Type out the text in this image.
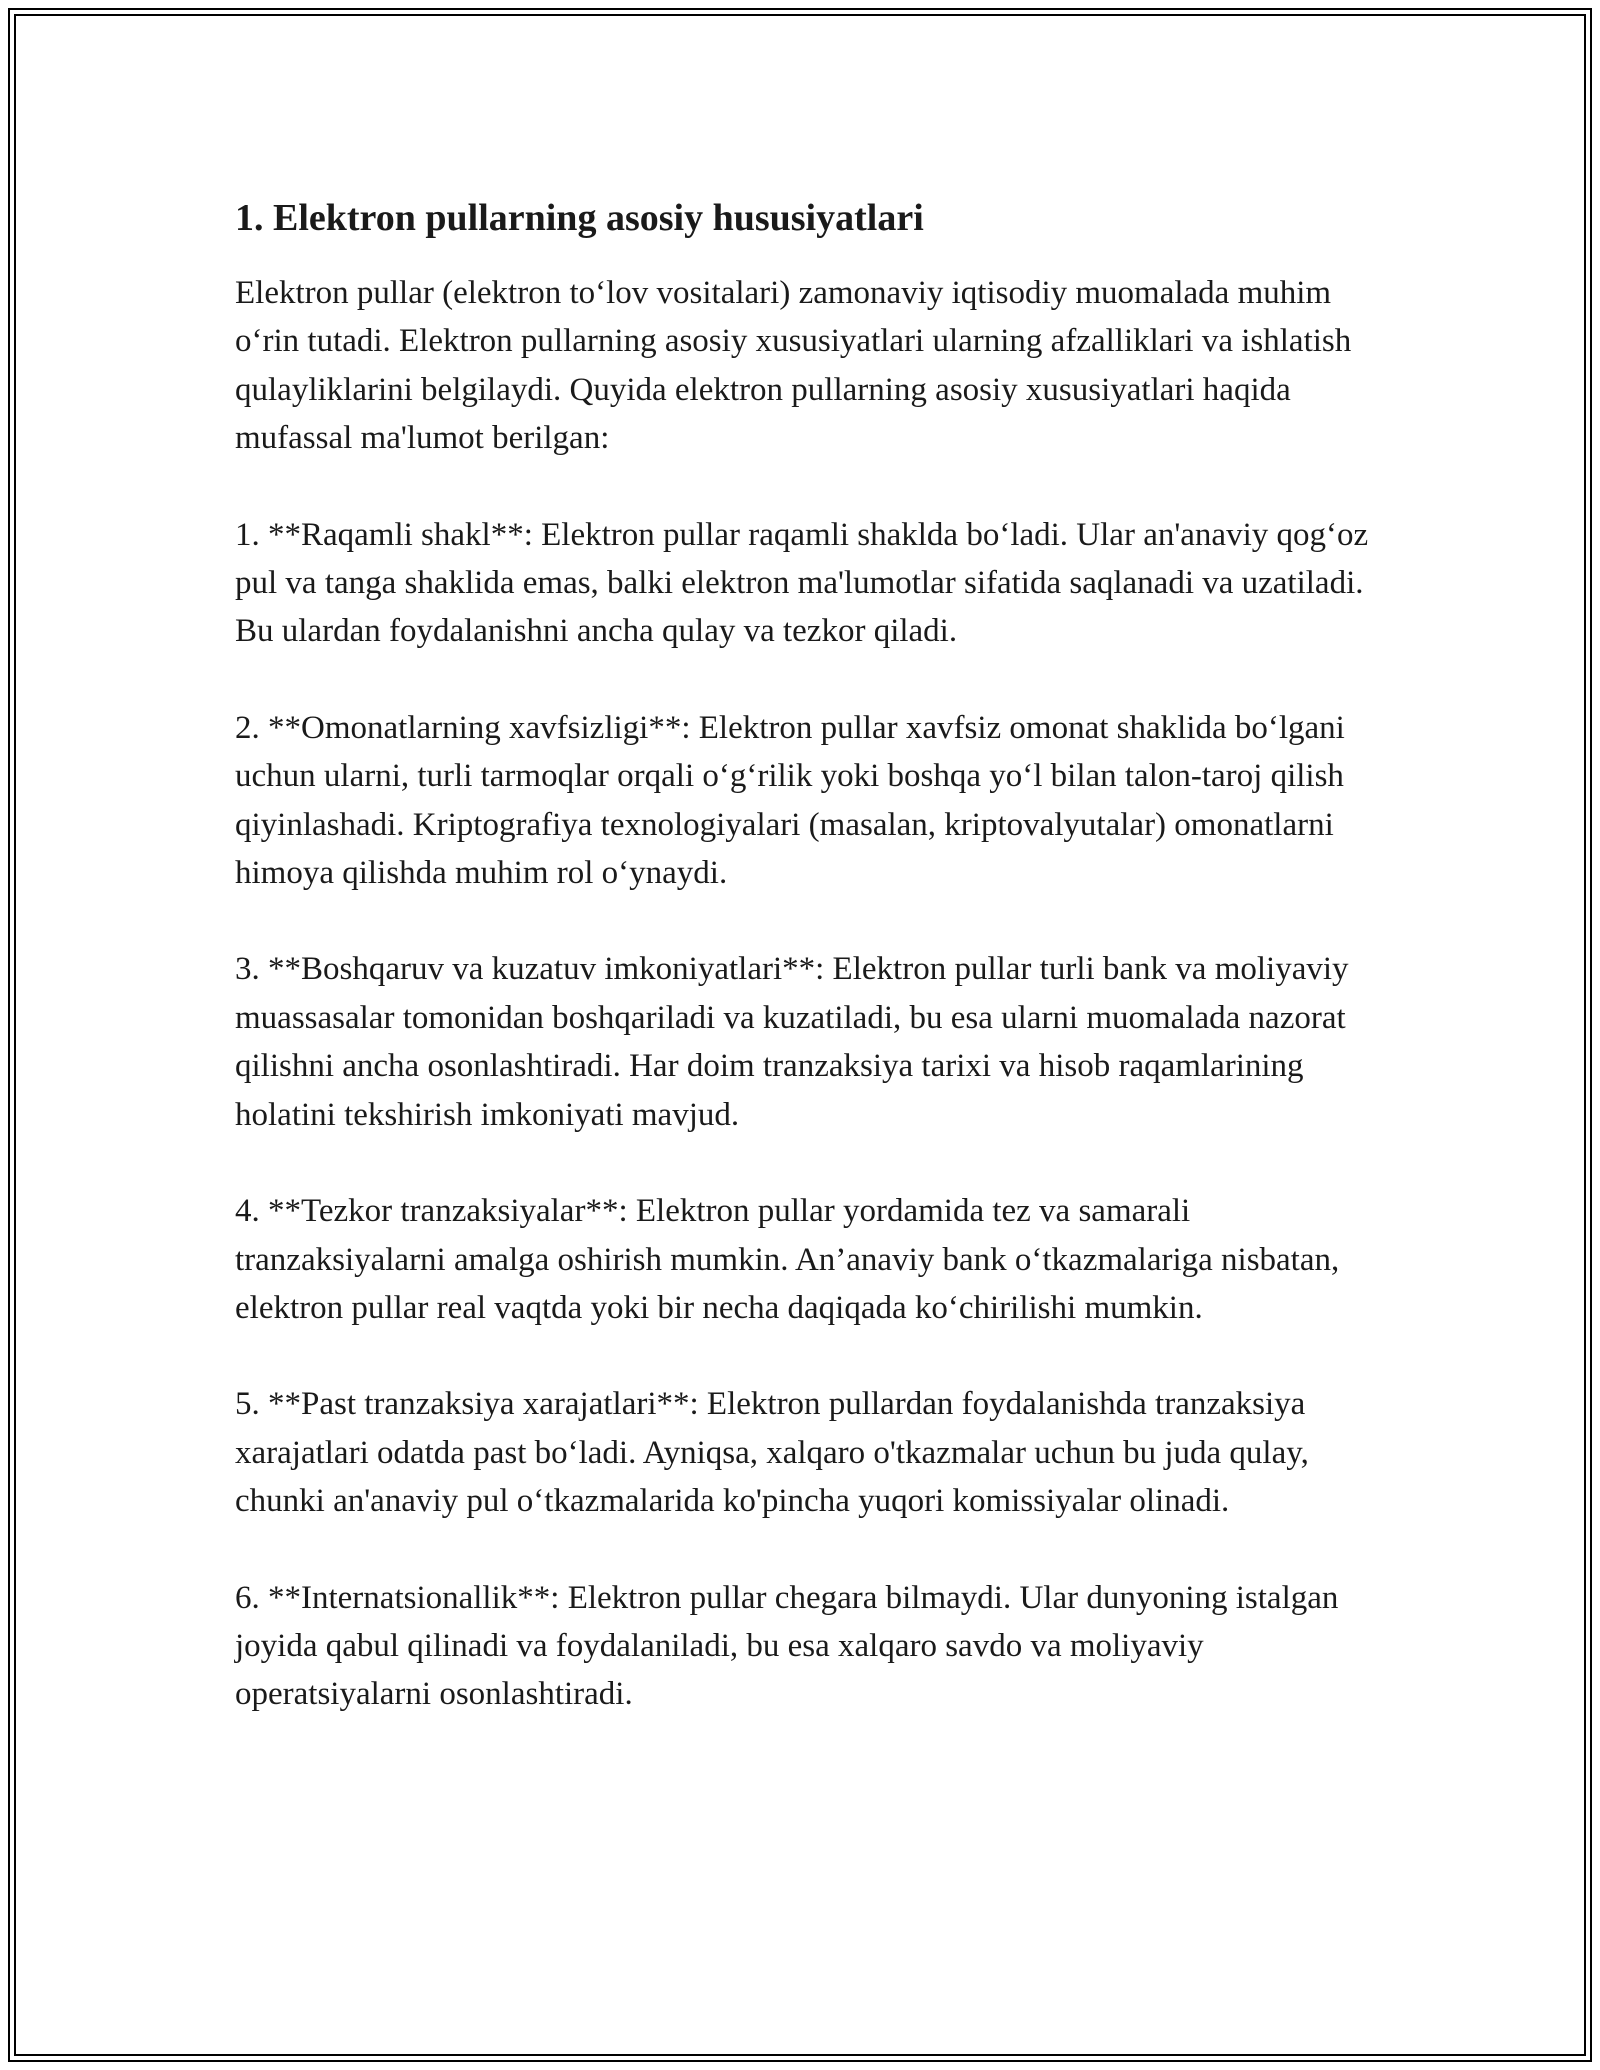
1. Elektron pullarning asosiy hususiyatlari

Elektron pullar (elektron to‘lov vositalari) zamonaviy iqtisodiy muomalada muhim o‘rin tutadi. Elektron pullarning asosiy xususiyatlari ularning afzalliklari va ishlatish qulayliklarini belgilaydi. Quyida elektron pullarning asosiy xususiyatlari haqida mufassal ma'lumot berilgan:

1. **Raqamli shakl**: Elektron pullar raqamli shaklda bo‘ladi. Ular an'anaviy qog‘oz pul va tanga shaklida emas, balki elektron ma'lumotlar sifatida saqlanadi va uzatiladi. Bu ulardan foydalanishni ancha qulay va tezkor qiladi.

2. **Omonatlarning xavfsizligi**: Elektron pullar xavfsiz omonat shaklida bo‘lgani uchun ularni, turli tarmoqlar orqali o‘g‘rilik yoki boshqa yo‘l bilan talon-taroj qilish qiyinlashadi. Kriptografiya texnologiyalari (masalan, kriptovalyutalar) omonatlarni himoya qilishda muhim rol o‘ynaydi.

3. **Boshqaruv va kuzatuv imkoniyatlari**: Elektron pullar turli bank va moliyaviy muassasalar tomonidan boshqariladi va kuzatiladi, bu esa ularni muomalada nazorat qilishni ancha osonlashtiradi. Har doim tranzaksiya tarixi va hisob raqamlarining holatini tekshirish imkoniyati mavjud.

4. **Tezkor tranzaksiyalar**: Elektron pullar yordamida tez va samarali tranzaksiyalarni amalga oshirish mumkin. An’anaviy bank o‘tkazmalariga nisbatan, elektron pullar real vaqtda yoki bir necha daqiqada ko‘chirilishi mumkin.

5. **Past tranzaksiya xarajatlari**: Elektron pullardan foydalanishda tranzaksiya xarajatlari odatda past bo‘ladi. Ayniqsa, xalqaro o'tkazmalar uchun bu juda qulay, chunki an'anaviy pul o‘tkazmalarida ko'pincha yuqori komissiyalar olinadi.

6. **Internatsionallik**: Elektron pullar chegara bilmaydi. Ular dunyoning istalgan joyida qabul qilinadi va foydalaniladi, bu esa xalqaro savdo va moliyaviy operatsiyalarni osonlashtiradi.
